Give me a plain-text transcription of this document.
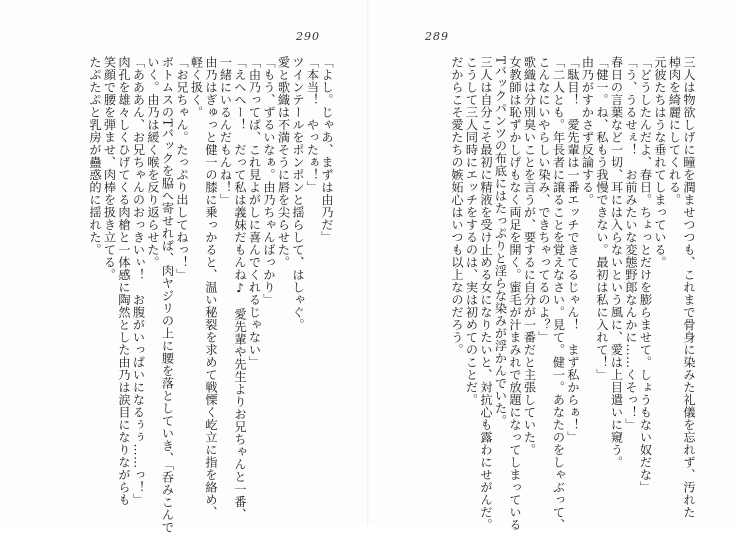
290	289
三人は物欲しげに瞳を潤ませつつも、これまで骨身に染みた礼儀を忘れず、汚れた
棹肉を綺麗にしてくれる。
元彼たちはうな垂れてしまっている。
「どうしたんだよ、春日。ちょっとだけを膨らませて。しょうもない奴だな」
「う、うるせぇ！　お前みたいな変態野郎なんかに……くそっ！」
春日の言葉など一切、耳には入らないという風に、愛は上目遣いに窺う。
「健一。ね、私もう我慢できない。最初は私に入れて！」
由乃がすかさず反論する。
「駄目！　愛先輩は一番エッチできてるじゃん！　まず私からぁ！」
「二人とも。年長者に譲ることを覚えなさい。見て。健一。あなたのをしゃぶって、
こんなにいやらしい染み、できちゃってるのよ？」
歌織は分別臭いことを言うが、要するに自分が一番だと主張していた。
女教師は恥ずかしげもなく両足を開く。蜜毛が汁まみれで放題になってしまっている
Tバックパンツの布底にはたっぷりと淫らな染みが浮かんでいた。
三人は自分こそ最初に精液を受け止める女になりたいと、対抗心も露わにせがんだ。
こうして三人同時にエッチをするのは、実は初めてのことだ。
だからこそ愛たちの嫉妬心はいつも以上なのだろう。
「よし。じゃあ、まずは由乃だ」
「本当！　やったぁ！」
ツインテールをポンポンと揺らして、はしゃぐ。
愛と歌織は不満そうに唇を尖らせた。
「もう、ずるいなぁ。由乃ちゃんばっかり」
「由乃ってば、これ見よがしに喜んでくれるじゃない」
「えへへー！　だって私は義妹だもんね♪　愛先輩や先生よりお兄ちゃんと一番、
一緒にいるんだもんね！」
由乃はぎゅっと健一の膝に乗っかると、温い秘裂を求めて戦慄く屹立に指を絡め、
軽く扱く。
「お兄ちゃん。たっぷり出してねっ！」
ボトムスのTバックを脇へ寄せれば、肉ヤジリの上に腰を落としていき、「呑みこんで
いく。由乃は緩く喉を反り返らせた。
「あああん、お兄ちゃんのおっきいぃ！　お腹がいっぱいになるぅぅ……っ！」
肉孔を雄々しくひげてくる肉槍と一体感に陶然とした由乃は涙目になりながらも
笑顔で腰を弾ませ、肉棒を扱き立てる。
たぷたぷと乳房が蠱惑的に揺れた。
